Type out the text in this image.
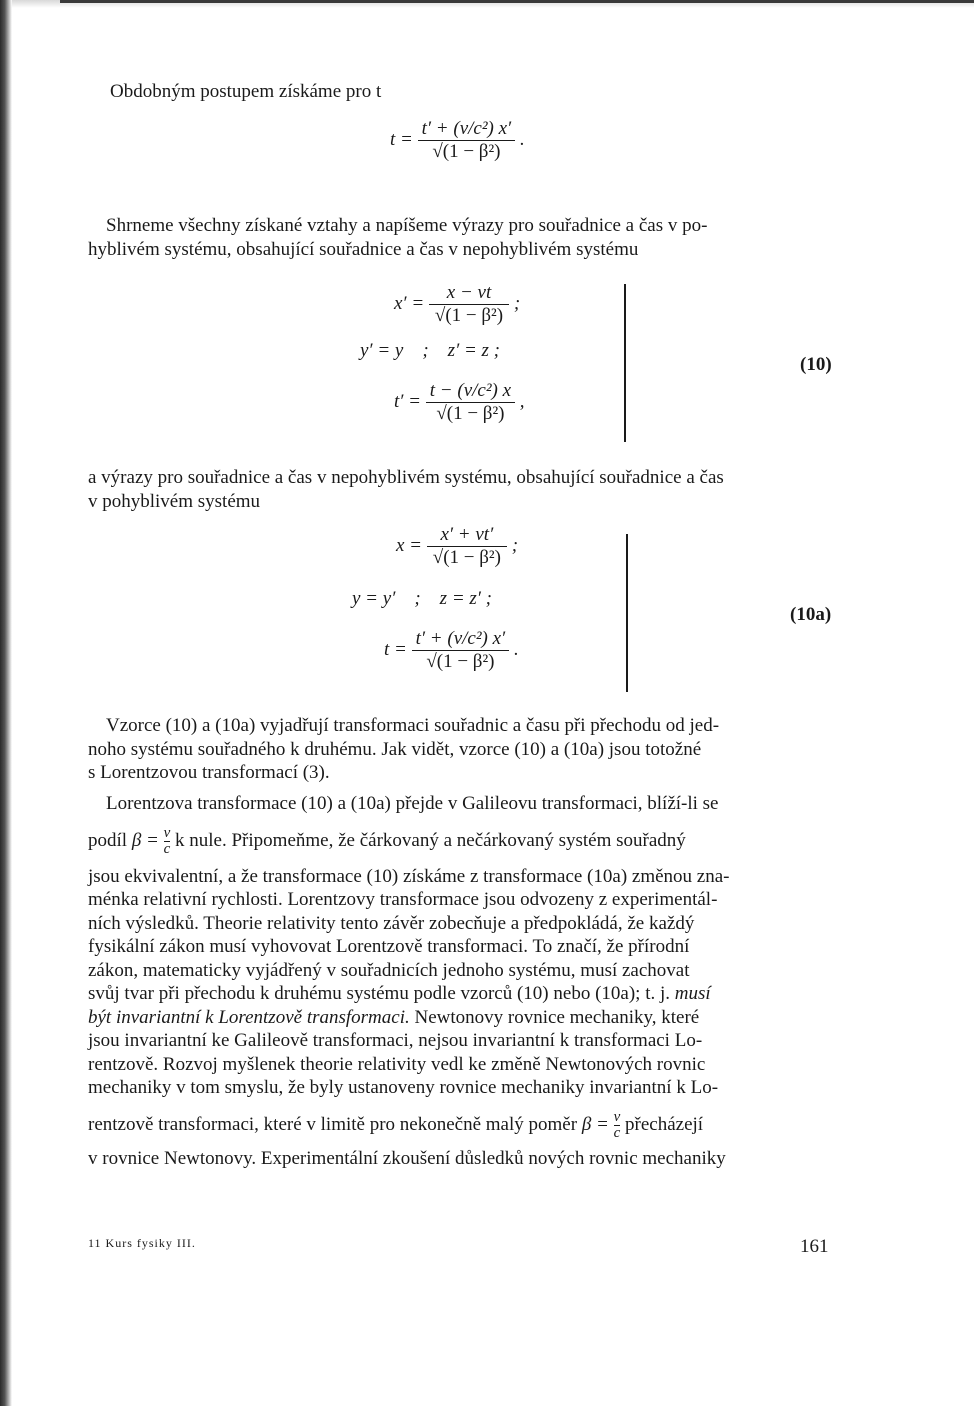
Obdobným postupem získáme pro t

$t = \frac{\text{t′ + (v/c²) x′}}{\text{√(1 − β²)}}$ .
Shrneme všechny získané vztahy a napíšeme výrazy pro souřadnice a čas v po-
hyblivém systému, obsahující souřadnice a čas v nepohyblivém systému
$x' = \frac{x - vt}{\text{√(1 − β²)}}$ ;
y′ = y    ;    z′ = z ;
$t' = \frac{\text{t − (v/c²) x}}{\text{√(1 − β²)}}$ ,
(10)
a výrazy pro souřadnice a čas v nepohyblivém systému, obsahující souřadnice a čas
v pohyblivém systému
$x = \frac{x' + vt'}{\text{√(1 − β²)}}$ ;
y = y′    ;    z = z′ ;
$t = \frac{\text{t′ + (v/c²) x′}}{\text{√(1 − β²)}}$ .
(10a)
Vzorce (10) a (10a) vyjadřují transformaci souřadnic a času při přechodu od jed-
noho systému souřadného k druhému. Jak vidět, vzorce (10) a (10a) jsou totožné
s Lorentzovou transformací (3).
Lorentzova transformace (10) a (10a) přejde v Galileovu transformaci, blíží-li se
podíl $\beta = \frac{v}{c}$ k nule. Připomeňme, že čárkovaný a nečárkovaný systém souřadný
jsou ekvivalentní, a že transformace (10) získáme z transformace (10a) změnou zna-
ménka relativní rychlosti. Lorentzovy transformace jsou odvozeny z experimentál-
ních výsledků. Theorie relativity tento závěr zobecňuje a předpokládá, že každý
fysikální zákon musí vyhovovat Lorentzově transformaci. To značí, že přírodní
zákon, matematicky vyjádřený v souřadnicích jednoho systému, musí zachovat
svůj tvar při přechodu k druhému systému podle vzorců (10) nebo (10a); t. j. musí
být invariantní k Lorentzově transformaci. Newtonovy rovnice mechaniky, které
jsou invariantní ke Galileově transformaci, nejsou invariantní k transformaci Lo-
rentzově. Rozvoj myšlenek theorie relativity vedl ke změně Newtonových rovnic
mechaniky v tom smyslu, že byly ustanoveny rovnice mechaniky invariantní k Lo-
rentzově transformaci, které v limitě pro nekonečně malý poměr $\beta = \frac{v}{c}$ přecházejí
v rovnice Newtonovy. Experimentální zkoušení důsledků nových rovnic mechaniky
11 Kurs fysiky III.	161
